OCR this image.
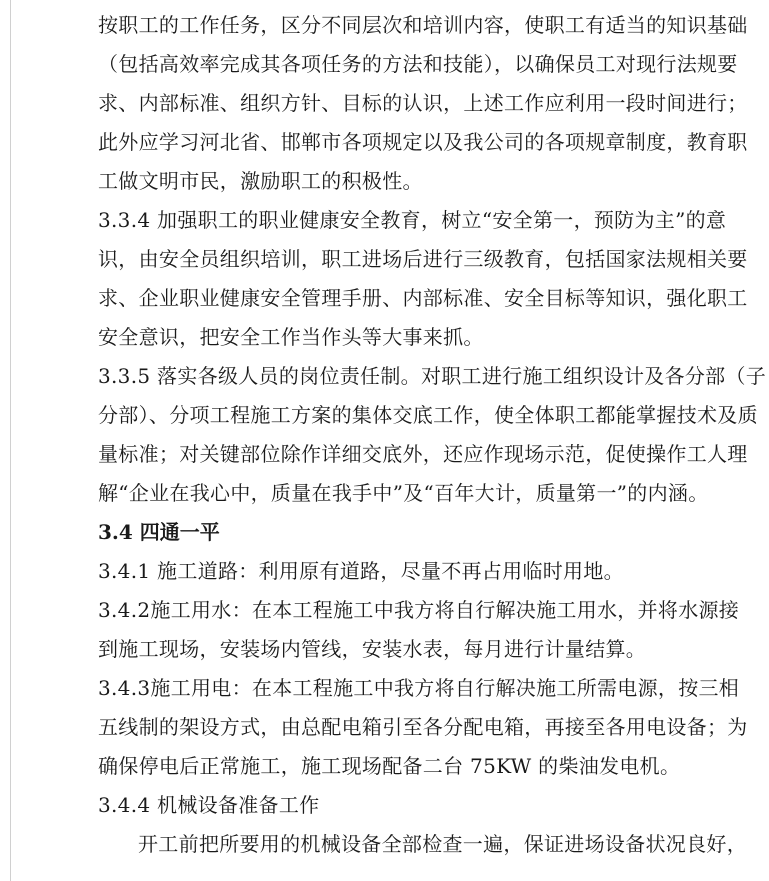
按职工的工作任务，区分不同层次和培训内容，使职工有适当的知识基础
（包括高效率完成其各项任务的方法和技能），以确保员工对现行法规要
求、内部标准、组织方针、目标的认识，上述工作应利用一段时间进行；
此外应学习河北省、邯郸市各项规定以及我公司的各项规章制度，教育职
工做文明市民，激励职工的积极性。
3.3.4 加强职工的职业健康安全教育，树立“安全第一，预防为主”的意
识，由安全员组织培训，职工进场后进行三级教育，包括国家法规相关要
求、企业职业健康安全管理手册、内部标准、安全目标等知识，强化职工
安全意识，把安全工作当作头等大事来抓。
3.3.5 落实各级人员的岗位责任制。对职工进行施工组织设计及各分部（子
分部）、分项工程施工方案的集体交底工作，使全体职工都能掌握技术及质
量标准；对关键部位除作详细交底外，还应作现场示范，促使操作工人理
解“企业在我心中，质量在我手中”及“百年大计，质量第一”的内涵。
3.4 四通一平
3.4.1 施工道路：利用原有道路，尽量不再占用临时用地。
3.4.2施工用水：在本工程施工中我方将自行解决施工用水，并将水源接
到施工现场，安装场内管线，安装水表，每月进行计量结算。
3.4.3施工用电：在本工程施工中我方将自行解决施工所需电源，按三相
五线制的架设方式，由总配电箱引至各分配电箱，再接至各用电设备；为
确保停电后正常施工，施工现场配备二台 75KW 的柴油发电机。
3.4.4 机械设备准备工作
开工前把所要用的机械设备全部检查一遍，保证进场设备状况良好，
